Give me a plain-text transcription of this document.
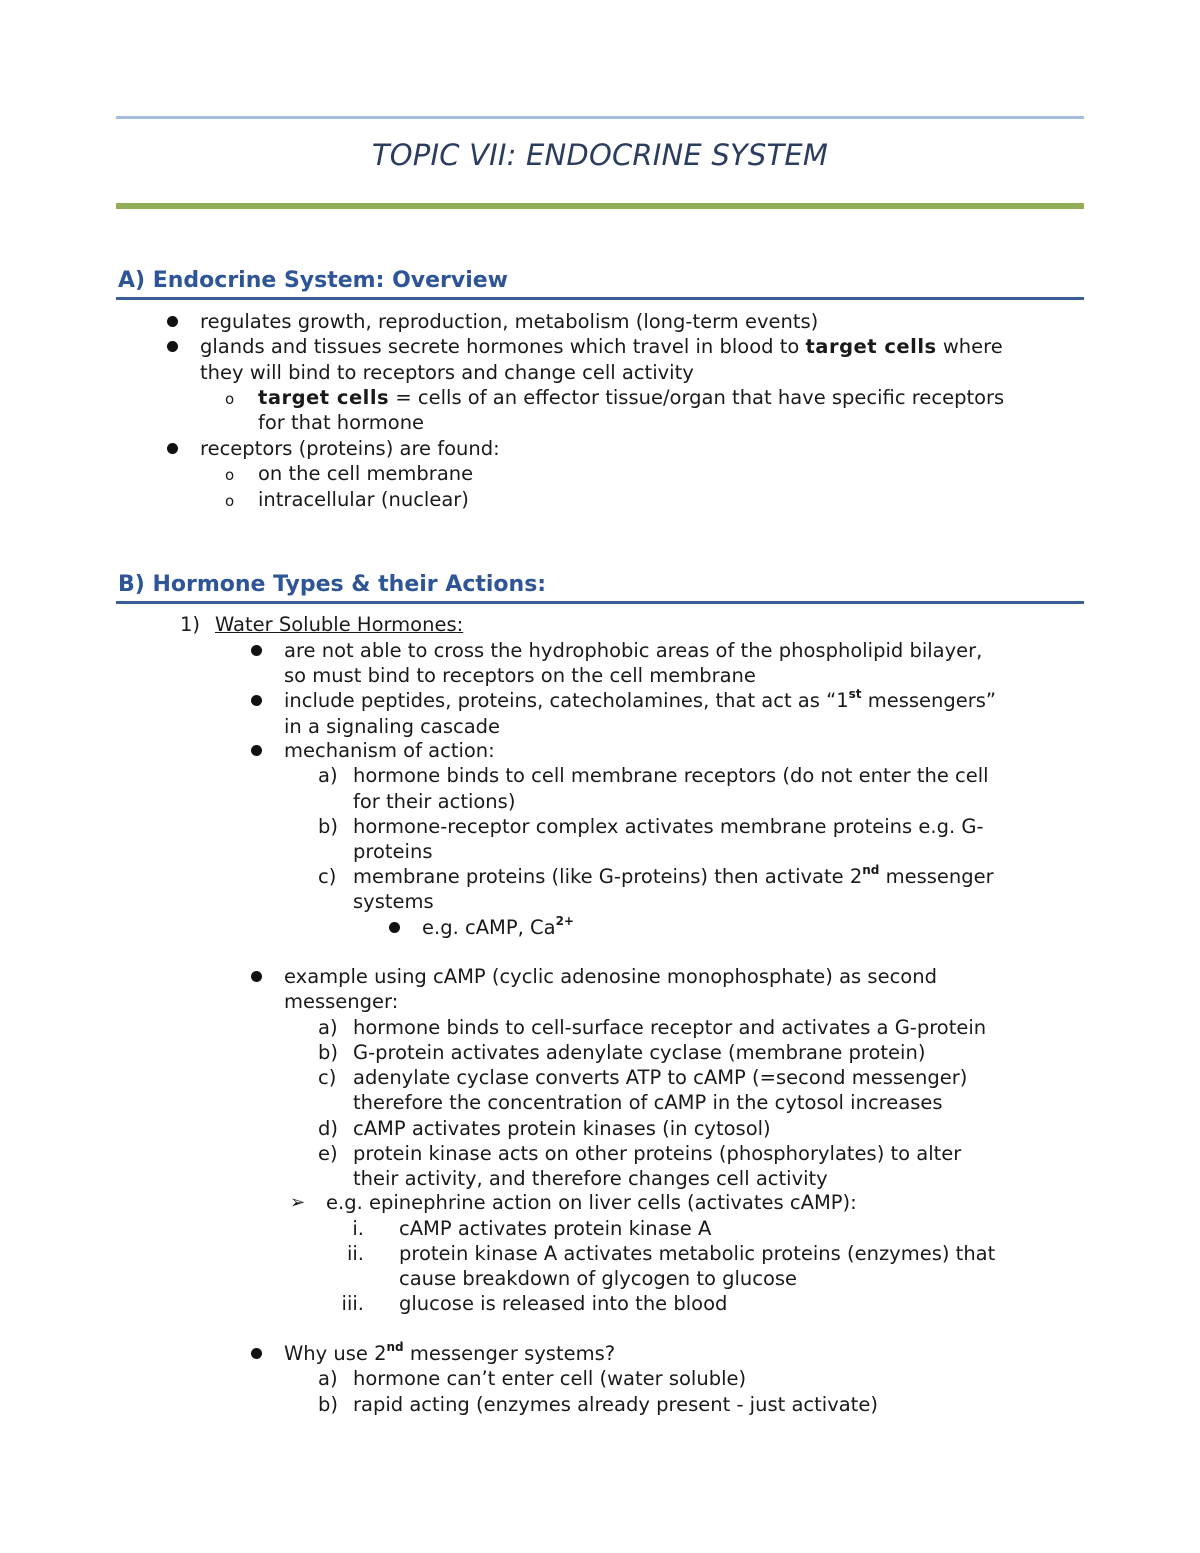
TOPIC VII: ENDOCRINE SYSTEM
A) Endocrine System: Overview
regulates growth, reproduction, metabolism (long-term events)
glands and tissues secrete hormones which travel in blood to target cells where
they will bind to receptors and change cell activity
o target cells = cells of an effector tissue/organ that have specific receptors
for that hormone
receptors (proteins) are found:
o on the cell membrane
o intracellular (nuclear)
B) Hormone Types & their Actions:
1) Water Soluble Hormones:
are not able to cross the hydrophobic areas of the phospholipid bilayer,
so must bind to receptors on the cell membrane
include peptides, proteins, catecholamines, that act as “1st messengers”
in a signaling cascade
mechanism of action:
a) hormone binds to cell membrane receptors (do not enter the cell
for their actions)
b) hormone-receptor complex activates membrane proteins e.g. G-
proteins
c) membrane proteins (like G-proteins) then activate 2nd messenger
systems
e.g. cAMP, $Ca^{2+}$
example using cAMP (cyclic adenosine monophosphate) as second
messenger:
a) hormone binds to cell-surface receptor and activates a G-protein
b) G-protein activates adenylate cyclase (membrane protein)
c) adenylate cyclase converts ATP to cAMP (=second messenger)
therefore the concentration of cAMP in the cytosol increases
d) cAMP activates protein kinases (in cytosol)
e) protein kinase acts on other proteins (phosphorylates) to alter
their activity, and therefore changes cell activity
➢ e.g. epinephrine action on liver cells (activates cAMP):
i. cAMP activates protein kinase A
ii. protein kinase A activates metabolic proteins (enzymes) that
cause breakdown of glycogen to glucose
iii. glucose is released into the blood
Why use 2nd messenger systems?
a) hormone can’t enter cell (water soluble)
b) rapid acting (enzymes already present - just activate)
